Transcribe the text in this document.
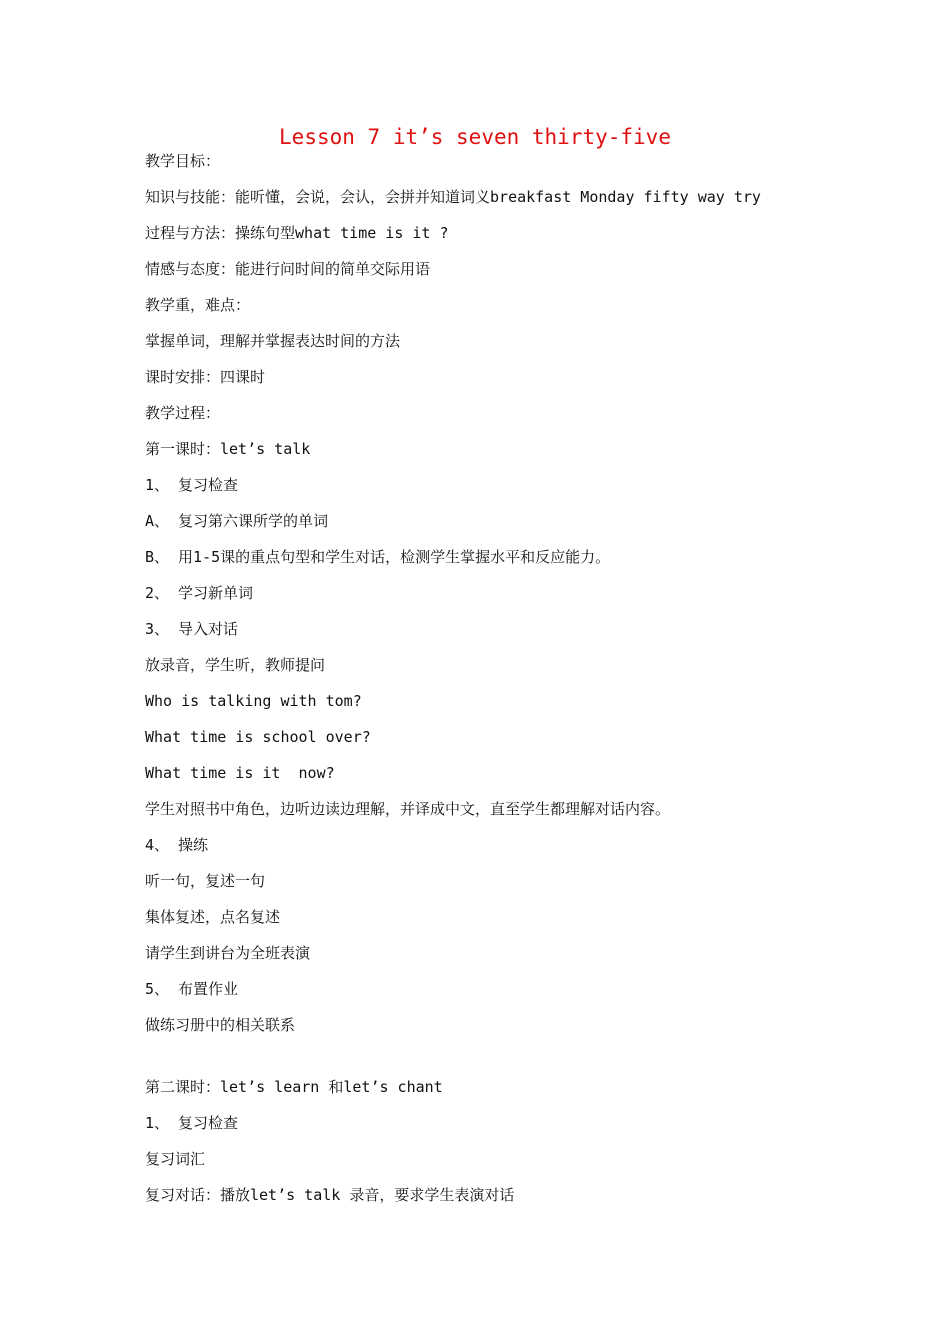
Lesson 7 it’s seven thirty-five
教学目标：
知识与技能：能听懂，会说，会认，会拼并知道词义breakfast Monday fifty way try
过程与方法：操练句型what time is it ?
情感与态度：能进行问时间的简单交际用语
教学重，难点：
掌握单词，理解并掌握表达时间的方法
课时安排：四课时
教学过程：
第一课时：let’s talk
1、 复习检查
A、 复习第六课所学的单词
B、 用1-5课的重点句型和学生对话，检测学生掌握水平和反应能力。
2、 学习新单词
3、 导入对话
放录音，学生听，教师提问
Who is talking with tom?
What time is school over?
What time is it  now?
学生对照书中角色，边听边读边理解，并译成中文，直至学生都理解对话内容。
4、 操练
听一句，复述一句
集体复述，点名复述
请学生到讲台为全班表演
5、 布置作业
做练习册中的相关联系
第二课时：let’s learn 和let’s chant
1、 复习检查
复习词汇
复习对话：播放let’s talk 录音，要求学生表演对话
